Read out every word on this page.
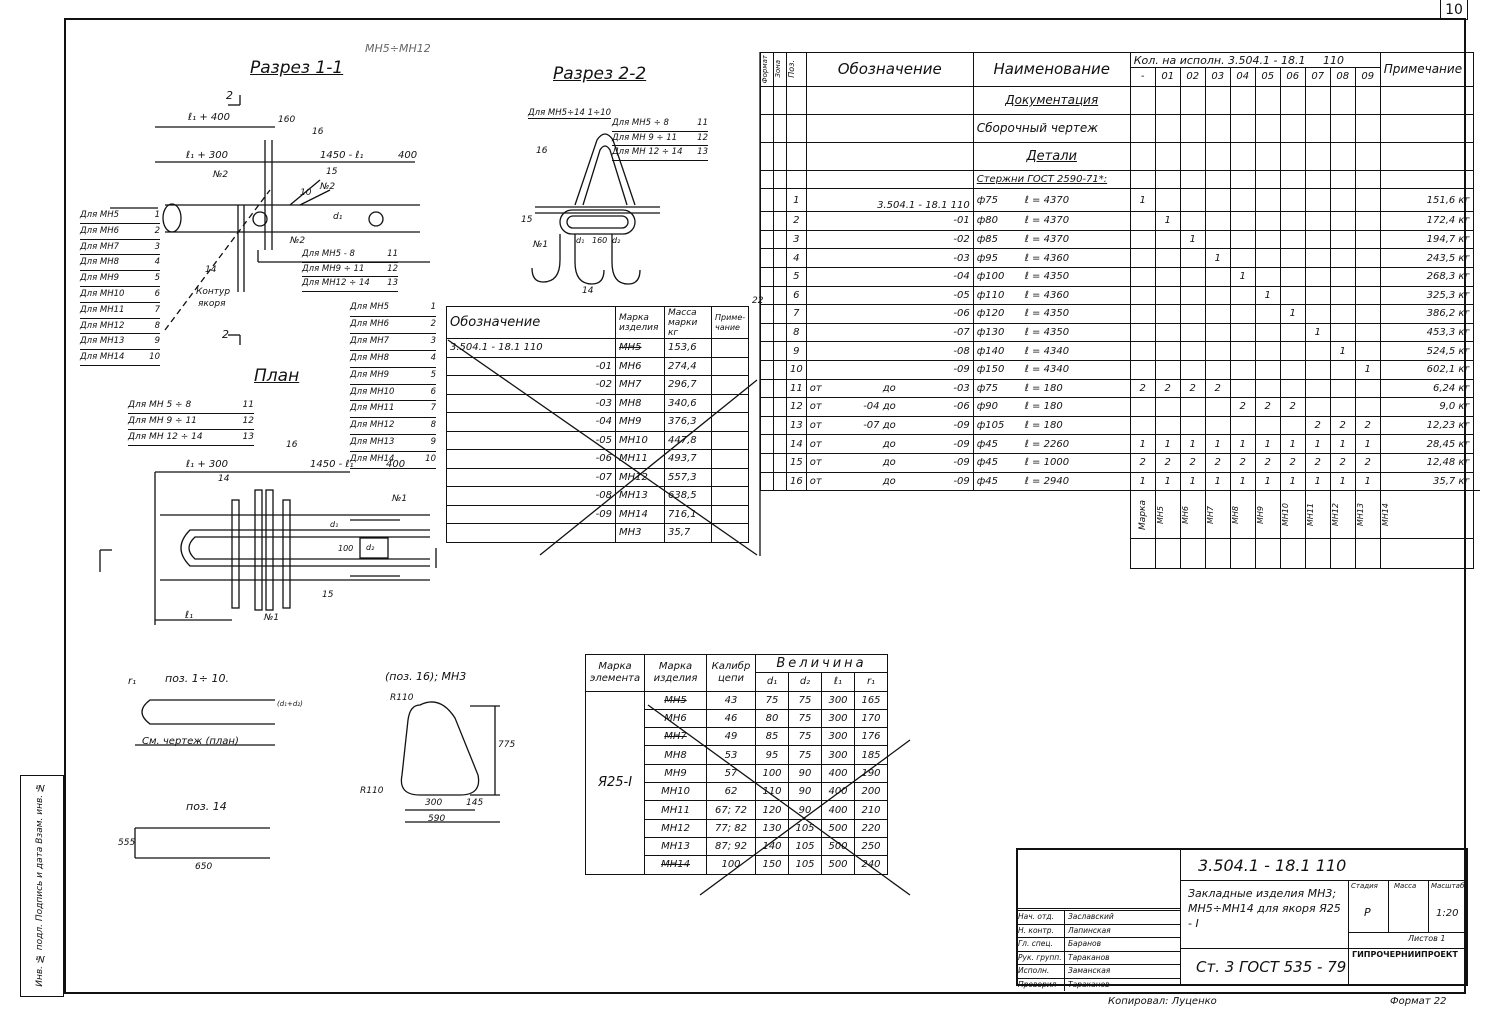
10
Инв. № подл. Подпись и дата Взам. инв. №
Разрез 1-1
МН5÷МН12
ℓ₁ + 400
ℓ₁ + 300
160
1450 - ℓ₁	400
16
15
10
14
№2
№2
№2
d₁
Контур
якоря
2
2
Для МН5	1
Для МН6	2
Для МН7	3
Для МН8	4
Для МН9	5
Для МН10	6
Для МН11	7
Для МН12	8
Для МН13	9
Для МН14	10
Для МН5 - 8	11
Для МН9 ÷ 11	12
Для МН12 ÷ 14 13
Разрез 2-2
Для МН5÷14 1÷10
Для МН5 ÷ 8	11
Для МН 9 ÷ 11 12
Для МН 12 ÷ 14 13
16
15
№1
14
d₁ 160 d₂
Для МН5	1
Для МН6	2
Для МН7	3
Для МН8	4
Для МН9	5
Для МН10	6
Для МН11	7
Для МН12	8
Для МН13	9
Для МН14	10
План
Для МН 5 ÷ 8	11
Для МН 9 ÷ 11	12
Для МН 12 ÷ 14	13
ℓ₁ + 300	1450 - ℓ₁	400
14
16
ℓ₁
15
№1
№1
d₁
100 d₂
Обозначение	Марка изделия	Масса марки кг	Приме-чание
3.504.1 - 18.1 110	МН5	153,6	
-01	МН6	274,4	
-02	МН7	296,7	
-03	МН8	340,6	
-04	МН9	376,3	
-05	МН10	447,8	
-06	МН11	493,7	
-07	МН12	557,3	
-08	МН13	638,5	
-09	МН14	716,1	
	МН3	35,7	
22
Формат	Зона	Поз.	Обозначение	Наименование	Кол. на исполн. 3.504.1 - 18.1 110										Примечание	
					-	01	02	03	04	05	06	07	08	09		
				Документация												
				Сборочный чертеж												
				Детали												
				Стержни ГОСТ 2590-71*:												
		1	3.504.1 - 18.1 110	ф75 ℓ = 4370	1										151,6 кг	
		2	-01	ф80 ℓ = 4370		1									172,4 кг	
		3	-02	ф85 ℓ = 4370			1								194,7 кг	
		4	-03	ф95 ℓ = 4360				1							243,5 кг	
		5	-04	ф100 ℓ = 4350					1						268,3 кг	
		6	-05	ф110 ℓ = 4360						1					325,3 кг	
		7	-06	ф120 ℓ = 4350							1				386,2 кг	
		8	-07	ф130 ℓ = 4350								1			453,3 кг	
		9	-08	ф140 ℓ = 4340									1		524,5 кг	
		10	-09	ф150 ℓ = 4340										1	602,1 кг	
		11	от до -03	ф75 ℓ = 180	2	2	2	2							6,24 кг	
		12	от -04 до -06	ф90 ℓ = 180					2	2	2				9,0 кг	
		13	от -07 до -09	ф105 ℓ = 180								2	2	2	12,23 кг	
		14	от до -09	ф45 ℓ = 2260	1	1	1	1	1	1	1	1	1	1	28,45 кг	
		15	от до -09	ф45 ℓ = 1000	2	2	2	2	2	2	2	2	2	2	12,48 кг	
		16	от до -09	ф45 ℓ = 2940	1	1	1	1	1	1	1	1	1	1	35,7 кг	

					Марка	МН5	МН6	МН7	МН8	МН9	МН10	МН11	МН12	МН13	МН14	

поз. 1÷ 10.
r₁
(d₁+d₂)
См. чертеж (план)
поз. 14
555
650
(поз. 16); МН3
R110
R110
300	145
590
775
Марка элемента	Марка изделия	Калибр цепи	Величина			
			d₁	d₂	ℓ₁	r₁
Я25-I	МН5	43	75	75	300	165
	МН6	46	80	75	300	170
	МН7	49	85	75	300	176
	МН8	53	95	75	300	185
	МН9	57	100	90	400	190
	МН10	62	110	90	400	200
	МН11	67; 72	120	90	400	210
	МН12	77; 82	130	105	500	220
	МН13	87; 92	140	105	500	250
	МН14	100	150	105	500	240	3.504.1 - 18.1 110
Закладные изделия МН3; МН5÷МН14 для якоря Я25 - I
Ст. 3 ГОСТ 535 - 79
Стадия Масса Масштаб
Р	1:20
Листов 1
ГИПРОЧЕРНИИПРОЕКТ
Нач. отд.	Заславский
Н. контр.	Лапинская
Гл. спец.	Баранов
Рук. групп. Тараканов
Исполн.	Заманская
Проверил	Тараканов
Копировал: Луценко	Формат 22
